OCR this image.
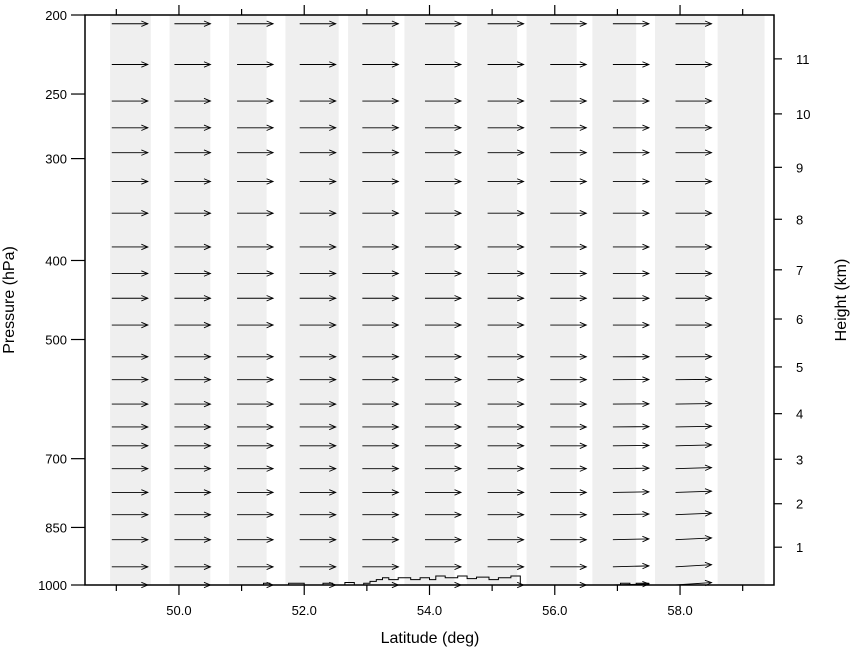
50.0	52.0	54.0	56.0	58.0
200
250
300
400
500
700
850
1000
1
2
3
4
5
6
7
8
9
10
11
Latitude (deg)
Pressure (hPa)	Height (km)
